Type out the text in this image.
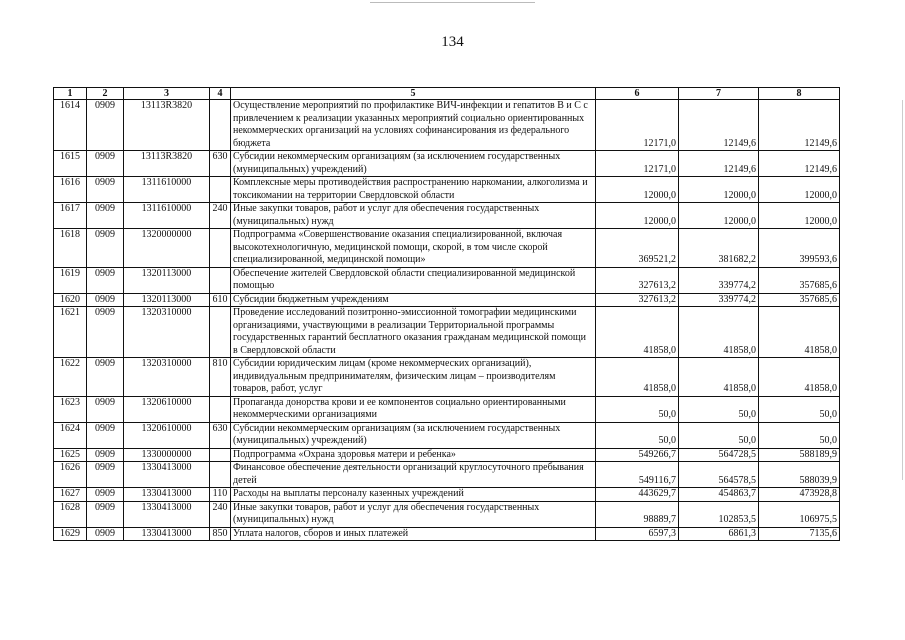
134
1	2	3	4	5	6	7	8
1614	0909	13113R3820		Осуществление мероприятий по профилактике ВИЧ-инфекции и гепатитов В и С с привлечением к реализации указанных мероприятий социально ориентированных некоммерческих организаций на условиях софинансирования из федерального бюджета	12171,0	12149,6	12149,6
1615	0909	13113R3820	630	Субсидии некоммерческим организациям (за исключением государственных (муниципальных) учреждений)	12171,0	12149,6	12149,6
1616	0909	1311610000		Комплексные меры противодействия распространению наркомании, алкоголизма и токсикомании на территории Свердловской области	12000,0	12000,0	12000,0
1617	0909	1311610000	240	Иные закупки товаров, работ и услуг для обеспечения государственных (муниципальных) нужд	12000,0	12000,0	12000,0
1618	0909	1320000000		Подпрограмма «Совершенствование оказания специализированной, включая высокотехнологичную, медицинской помощи, скорой, в том числе скорой специализированной, медицинской помощи»	369521,2	381682,2	399593,6
1619	0909	1320113000		Обеспечение жителей Свердловской области специализированной медицинской помощью	327613,2	339774,2	357685,6
1620	0909	1320113000	610	Субсидии бюджетным учреждениям	327613,2	339774,2	357685,6
1621	0909	1320310000		Проведение исследований позитронно-эмиссионной томографии медицинскими организациями, участвующими в реализации Территориальной программы государственных гарантий бесплатного оказания гражданам медицинской помощи в Свердловской области	41858,0	41858,0	41858,0
1622	0909	1320310000	810	Субсидии юридическим лицам (кроме некоммерческих организаций), индивидуальным предпринимателям, физическим лицам – производителям товаров, работ, услуг	41858,0	41858,0	41858,0
1623	0909	1320610000		Пропаганда донорства крови и ее компонентов социально ориентированными некоммерческими организациями	50,0	50,0	50,0
1624	0909	1320610000	630	Субсидии некоммерческим организациям (за исключением государственных (муниципальных) учреждений)	50,0	50,0	50,0
1625	0909	1330000000		Подпрограмма «Охрана здоровья матери и ребенка»	549266,7	564728,5	588189,9
1626	0909	1330413000		Финансовое обеспечение деятельности организаций круглосуточного пребывания детей	549116,7	564578,5	588039,9
1627	0909	1330413000	110	Расходы на выплаты персоналу казенных учреждений	443629,7	454863,7	473928,8
1628	0909	1330413000	240	Иные закупки товаров, работ и услуг для обеспечения государственных (муниципальных) нужд	98889,7	102853,5	106975,5
1629	0909	1330413000	850	Уплата налогов, сборов и иных платежей	6597,3	6861,3	7135,6
